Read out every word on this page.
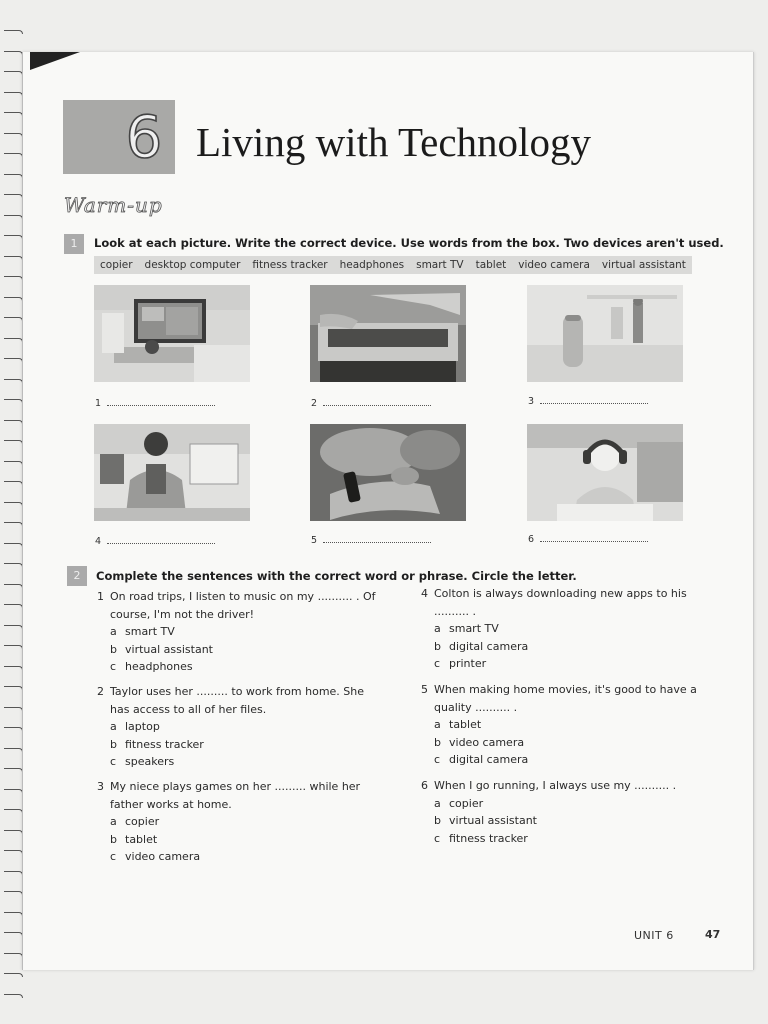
6 Living with Technology
Warm-up
1	Look at each picture. Write the correct device. Use words from the box. Two devices aren't used.
copier desktop computer fitness tracker headphones smart TV tablet video camera virtual assistant
1	2	3
4	5	6
2	Complete the sentences with the correct word or phrase. Circle the letter.
1 On road trips, I listen to music on my .......... . Of
course, I'm not the driver!
a smart TV
b virtual assistant
c headphones
2 Taylor uses her ......... to work from home. She
has access to all of her files.
a laptop
b fitness tracker
c speakers
3 My niece plays games on her ......... while her
father works at home.
a copier
b tablet
c video camera
4 Colton is always downloading new apps to his
.......... .
a smart TV
b digital camera
c printer
5 When making home movies, it's good to have a
quality .......... .
a tablet
b video camera
c digital camera
6 When I go running, I always use my .......... .
a copier
b virtual assistant
c fitness tracker
UNIT 6	47
